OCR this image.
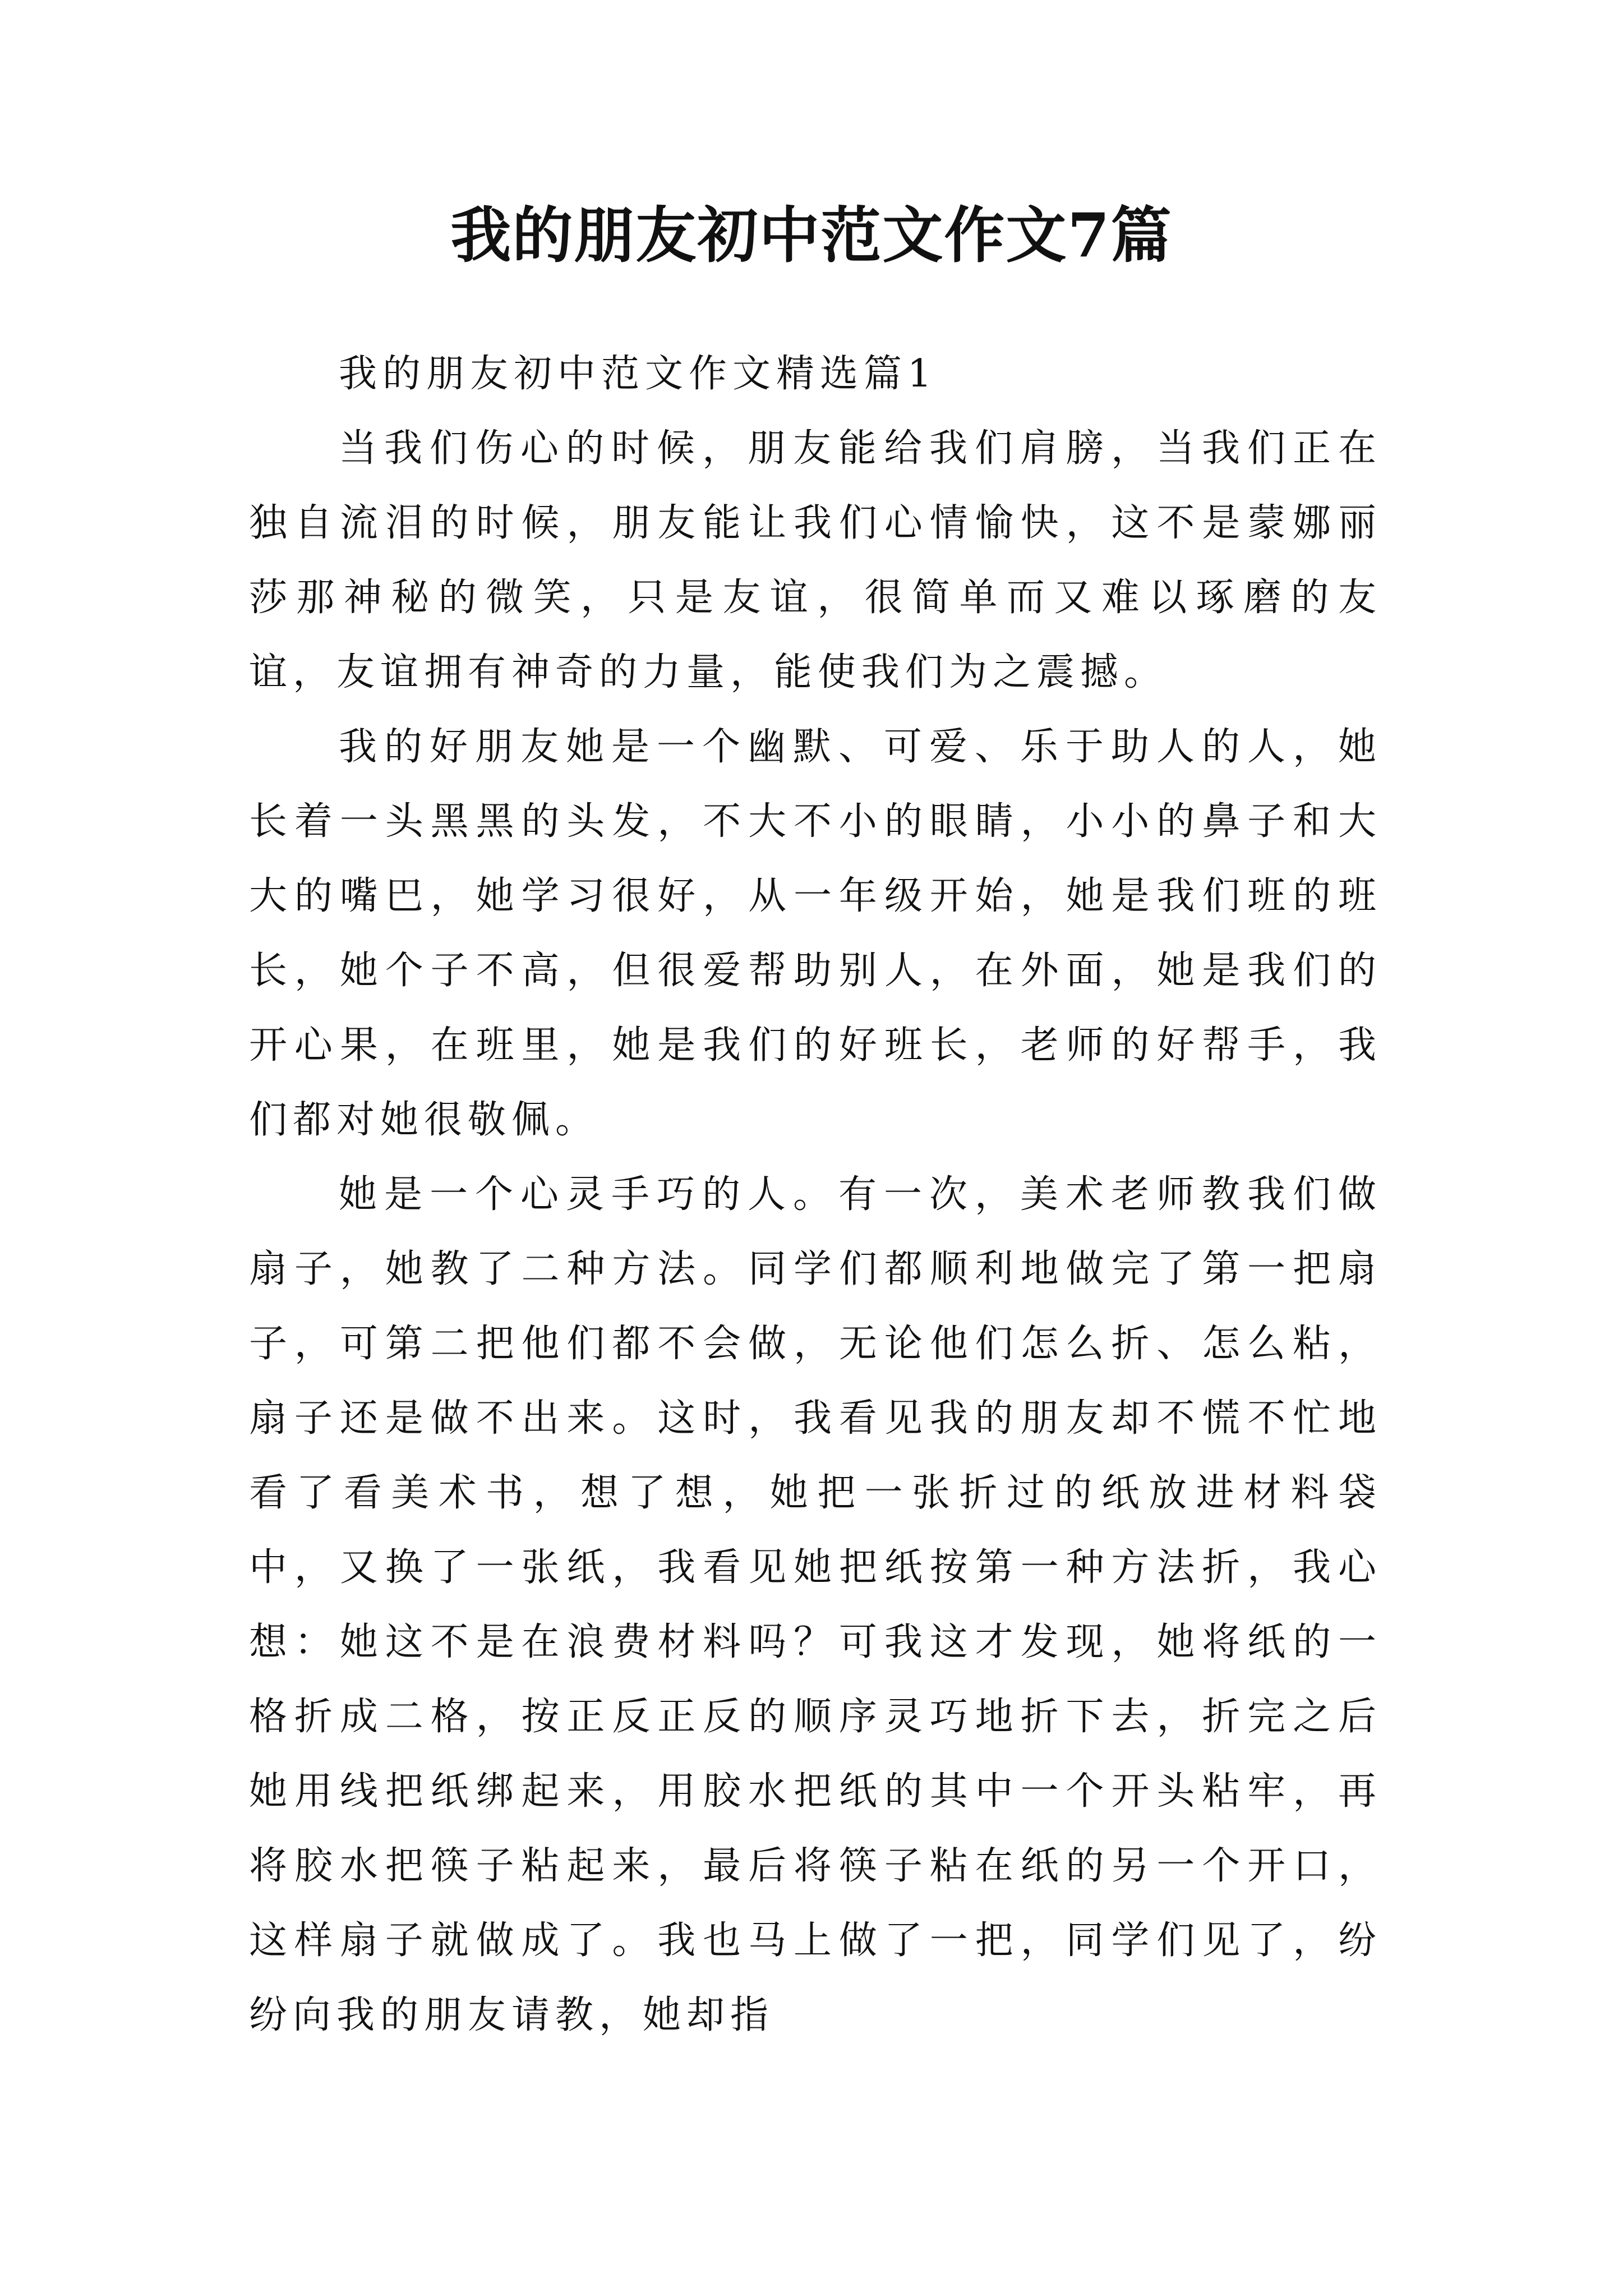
我的朋友初中范文作文7篇

我的朋友初中范文作文精选篇1

当我们伤心的时候，朋友能给我们肩膀，当我们正在独自流泪的时候，朋友能让我们心情愉快，这不是蒙娜丽莎那神秘的微笑，只是友谊，很简单而又难以琢磨的友谊，友谊拥有神奇的力量，能使我们为之震撼。

我的好朋友她是一个幽默、可爱、乐于助人的人，她长着一头黑黑的头发，不大不小的眼睛，小小的鼻子和大大的嘴巴，她学习很好，从一年级开始，她是我们班的班长，她个子不高，但很爱帮助别人，在外面，她是我们的开心果，在班里，她是我们的好班长，老师的好帮手，我们都对她很敬佩。

她是一个心灵手巧的人。有一次，美术老师教我们做扇子，她教了二种方法。同学们都顺利地做完了第一把扇子，可第二把他们都不会做，无论他们怎么折、怎么粘，扇子还是做不出来。这时，我看见我的朋友却不慌不忙地看了看美术书，想了想，她把一张折过的纸放进材料袋中，又换了一张纸，我看见她把纸按第一种方法折，我心想：她这不是在浪费材料吗？可我这才发现，她将纸的一格折成二格，按正反正反的顺序灵巧地折下去，折完之后她用线把纸绑起来，用胶水把纸的其中一个开头粘牢，再将胶水把筷子粘起来，最后将筷子粘在纸的另一个开口，这样扇子就做成了。我也马上做了一把，同学们见了，纷纷向我的朋友请教，她却指
